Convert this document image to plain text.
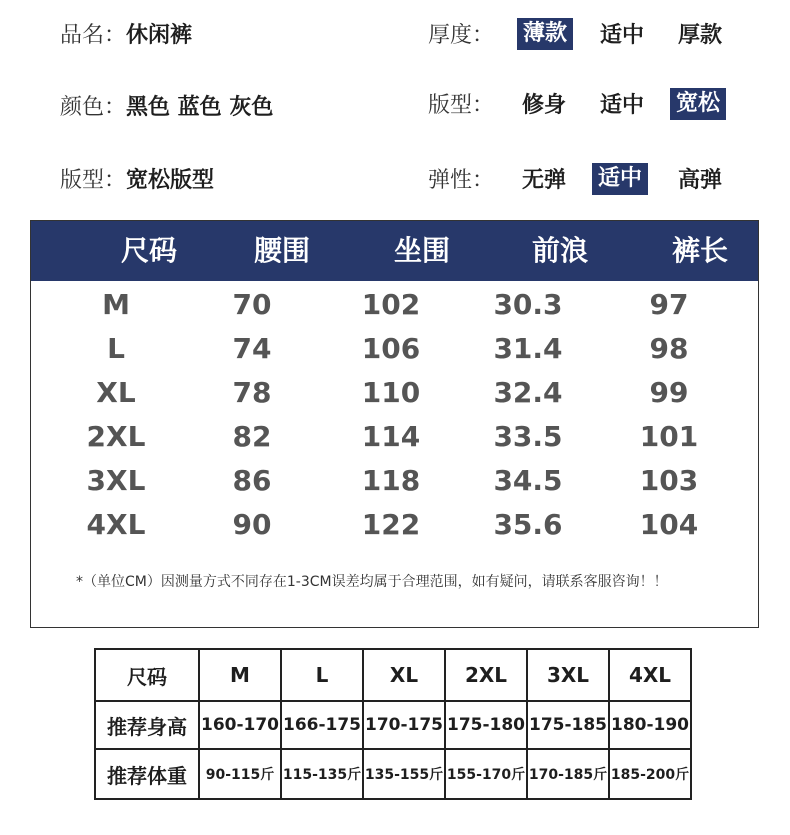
品名：休闲裤
颜色：黑色 蓝色 灰色
版型：宽松版型
厚度： 薄款 适中 厚款
版型： 修身 适中 宽松
弹性： 无弹 适中 高弹
尺码	腰围	坐围	前浪	裤长
M	70	102	30.3	97
L	74	106	31.4	98
XL	78	110	32.4	99
2XL	82	114	33.5	101
3XL	86	118	34.5	103
4XL	90	122	35.6	104
*（单位CM）因测量方式不同存在1-3CM误差均属于合理范围，如有疑问，请联系客服咨询！！
尺码	M	L	XL	2XL	3XL	4XL
推荐身高	160-170	166-175	170-175	175-180	175-185	180-190
推荐体重	90-115斤	115-135斤	135-155斤	155-170斤	170-185斤	185-200斤
